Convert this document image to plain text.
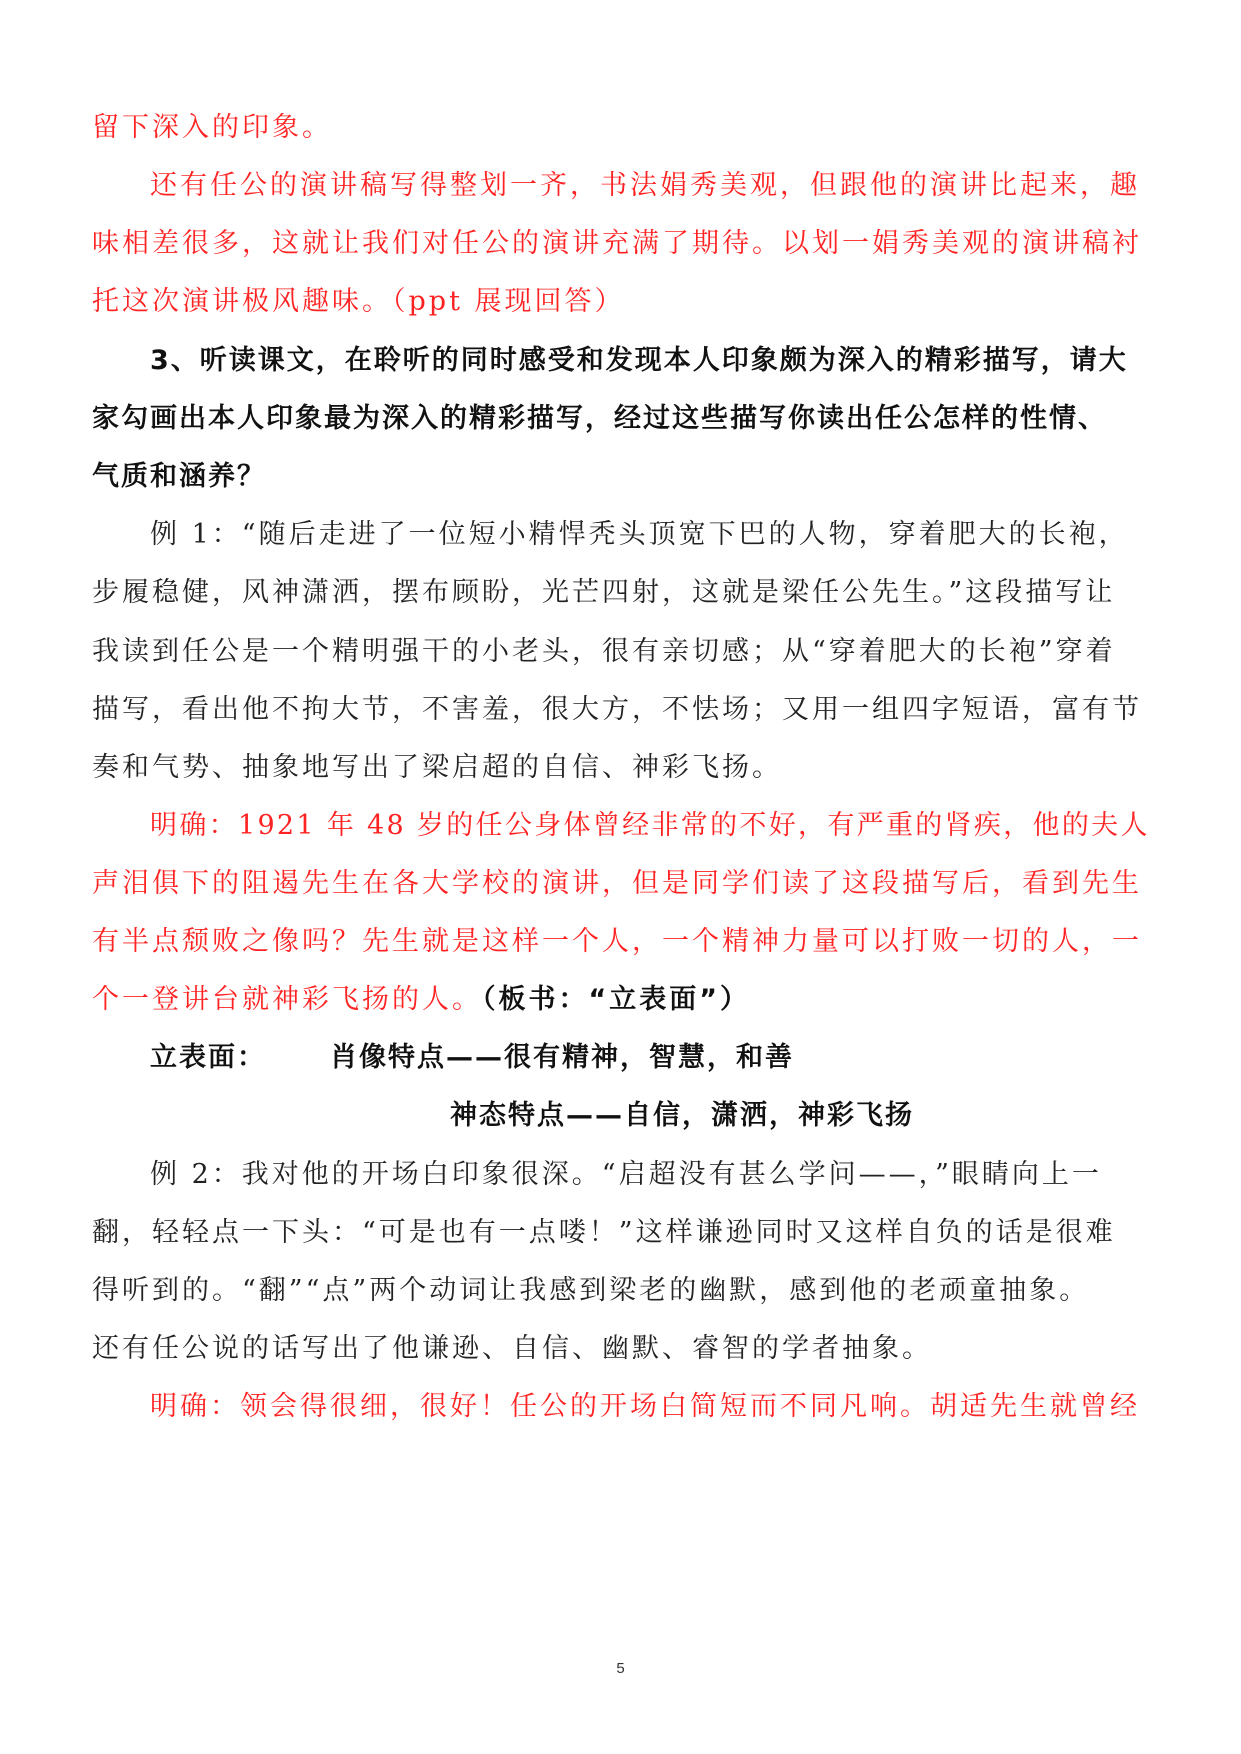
留下深入的印象。
还有任公的演讲稿写得整划一齐，书法娟秀美观，但跟他的演讲比起来，趣
味相差很多，这就让我们对任公的演讲充满了期待。以划一娟秀美观的演讲稿衬
托这次演讲极风趣味。（ppt 展现回答）
3、听读课文，在聆听的同时感受和发现本人印象颇为深入的精彩描写，请大
家勾画出本人印象最为深入的精彩描写，经过这些描写你读出任公怎样的性情、
气质和涵养？
例 1：“随后走进了一位短小精悍秃头顶宽下巴的人物，穿着肥大的长袍，
步履稳健，风神潇洒，摆布顾盼，光芒四射，这就是梁任公先生。”这段描写让
我读到任公是一个精明强干的小老头，很有亲切感；从“穿着肥大的长袍”穿着
描写，看出他不拘大节，不害羞，很大方，不怯场；又用一组四字短语，富有节
奏和气势、抽象地写出了梁启超的自信、神彩飞扬。
明确：1921 年 48 岁的任公身体曾经非常的不好，有严重的肾疾，他的夫人
声泪俱下的阻遏先生在各大学校的演讲，但是同学们读了这段描写后，看到先生
有半点颓败之像吗？先生就是这样一个人，一个精神力量可以打败一切的人，一
个一登讲台就神彩飞扬的人。（板书：“立表面”）
立表面： 肖像特点——很有精神，智慧，和善
神态特点——自信，潇洒，神彩飞扬
例 2：我对他的开场白印象很深。“启超没有甚么学问——，”眼睛向上一
翻，轻轻点一下头：“可是也有一点喽！”这样谦逊同时又这样自负的话是很难
得听到的。“翻”“点”两个动词让我感到梁老的幽默，感到他的老顽童抽象。
还有任公说的话写出了他谦逊、自信、幽默、睿智的学者抽象。
明确：领会得很细，很好！任公的开场白简短而不同凡响。胡适先生就曾经
5
